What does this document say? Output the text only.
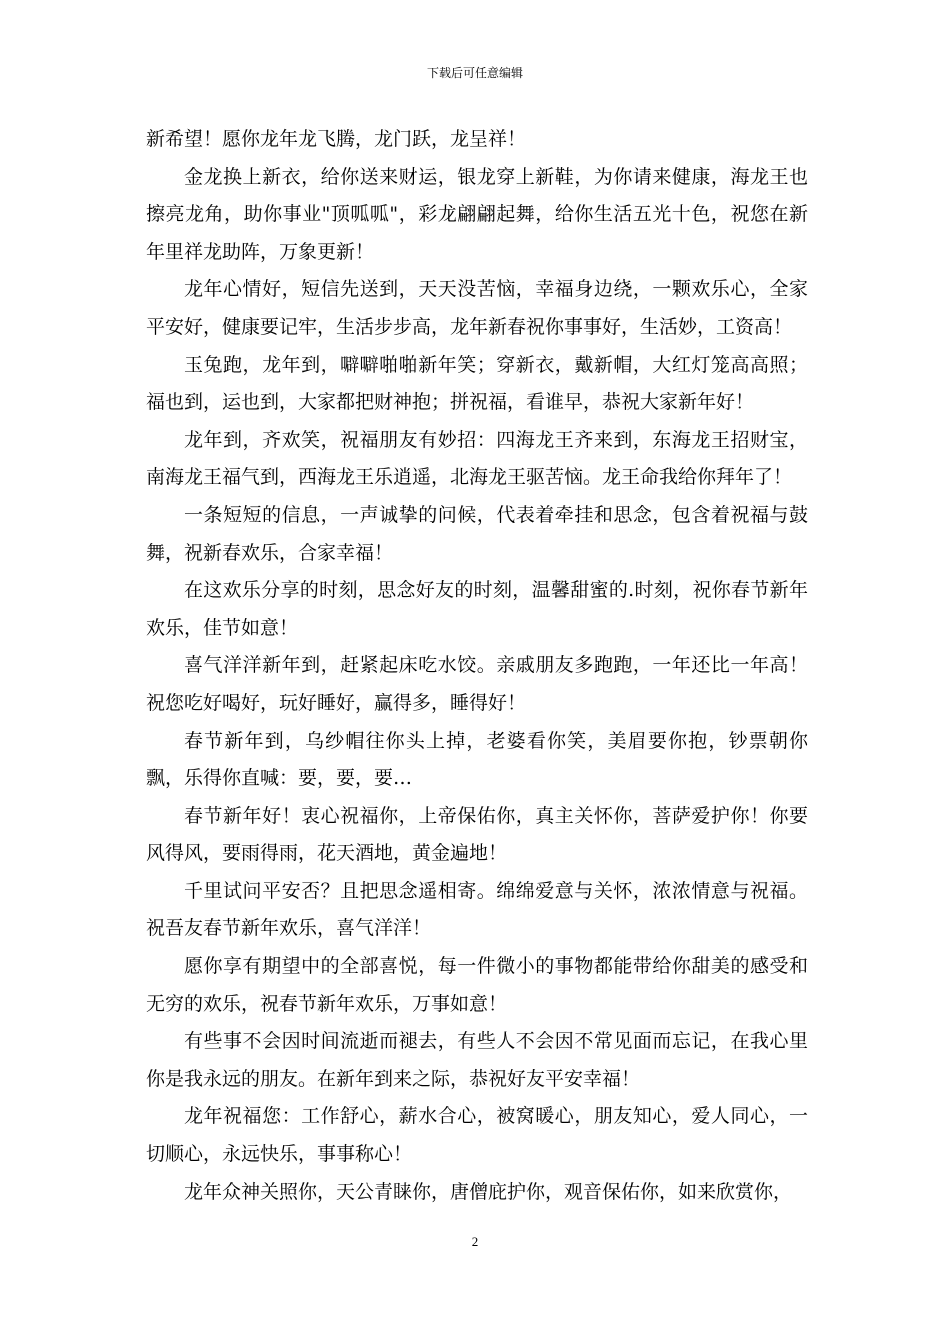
下载后可任意编辑

新希望！愿你龙年龙飞腾，龙门跃，龙呈祥！

金龙换上新衣，给你送来财运，银龙穿上新鞋，为你请来健康，海龙王也擦亮龙角，助你事业"顶呱呱"，彩龙翩翩起舞，给你生活五光十色，祝您在新年里祥龙助阵，万象更新！

龙年心情好，短信先送到，天天没苦恼，幸福身边绕，一颗欢乐心，全家平安好，健康要记牢，生活步步高，龙年新春祝你事事好，生活妙，工资高！

玉兔跑，龙年到，噼噼啪啪新年笑；穿新衣，戴新帽，大红灯笼高高照；福也到，运也到，大家都把财神抱；拼祝福，看谁早，恭祝大家新年好！

龙年到，齐欢笑，祝福朋友有妙招：四海龙王齐来到，东海龙王招财宝，南海龙王福气到，西海龙王乐逍遥，北海龙王驱苦恼。龙王命我给你拜年了！

一条短短的信息，一声诚挚的问候，代表着牵挂和思念，包含着祝福与鼓舞，祝新春欢乐，合家幸福！

在这欢乐分享的时刻，思念好友的时刻，温馨甜蜜的.时刻，祝你春节新年欢乐，佳节如意！

喜气洋洋新年到，赶紧起床吃水饺。亲戚朋友多跑跑，一年还比一年高！祝您吃好喝好，玩好睡好，赢得多，睡得好！

春节新年到，乌纱帽往你头上掉，老婆看你笑，美眉要你抱，钞票朝你飘，乐得你直喊：要，要，要…

春节新年好！衷心祝福你，上帝保佑你，真主关怀你，菩萨爱护你！你要风得风，要雨得雨，花天酒地，黄金遍地！

千里试问平安否？且把思念遥相寄。绵绵爱意与关怀，浓浓情意与祝福。祝吾友春节新年欢乐，喜气洋洋！

愿你享有期望中的全部喜悦，每一件微小的事物都能带给你甜美的感受和无穷的欢乐，祝春节新年欢乐，万事如意！

有些事不会因时间流逝而褪去，有些人不会因不常见面而忘记，在我心里你是我永远的朋友。在新年到来之际，恭祝好友平安幸福！

龙年祝福您：工作舒心，薪水合心，被窝暖心，朋友知心，爱人同心，一切顺心，永远快乐，事事称心！

龙年众神关照你，天公青睐你，唐僧庇护你，观音保佑你，如来欣赏你，

2
